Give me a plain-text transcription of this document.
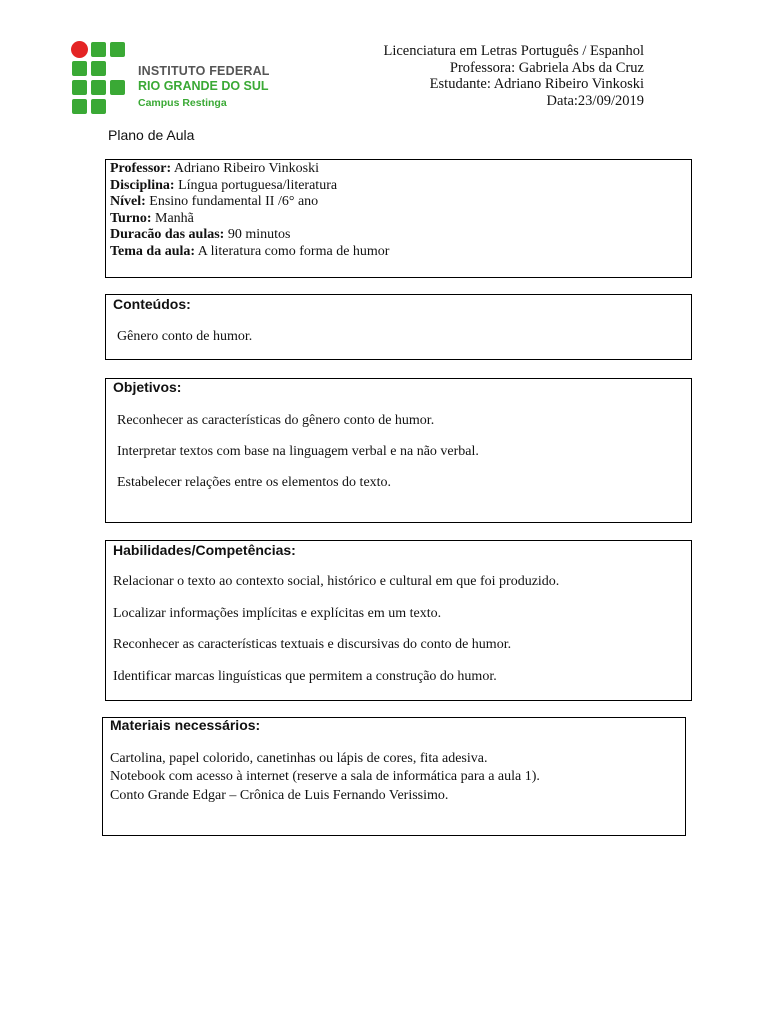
INSTITUTO FEDERAL
RIO GRANDE DO SUL
Campus Restinga
Licenciatura em Letras Português / Espanhol
Professora: Gabriela Abs da Cruz
Estudante: Adriano Ribeiro Vinkoski
Data:23/09/2019
Plano de Aula
Professor: Adriano Ribeiro Vinkoski
Disciplina: Língua portuguesa/literatura
Nível: Ensino fundamental II /6° ano
Turno: Manhã
Duracão das aulas: 90 minutos
Tema da aula: A literatura como forma de humor
Conteúdos:

Gênero conto de humor.

Objetivos:

Reconhecer as características do gênero conto de humor.

Interpretar textos com base na linguagem verbal e na não verbal.

Estabelecer relações entre os elementos do texto.

Habilidades/Competências:

Relacionar o texto ao contexto social, histórico e cultural em que foi produzido.

Localizar informações implícitas e explícitas em um texto.

Reconhecer as características textuais e discursivas do conto de humor.

Identificar marcas linguísticas que permitem a construção do humor.

Materiais necessários:

Cartolina, papel colorido, canetinhas ou lápis de cores, fita adesiva.

Notebook com acesso à internet (reserve a sala de informática para a aula 1).

Conto Grande Edgar – Crônica de Luis Fernando Verissimo.
